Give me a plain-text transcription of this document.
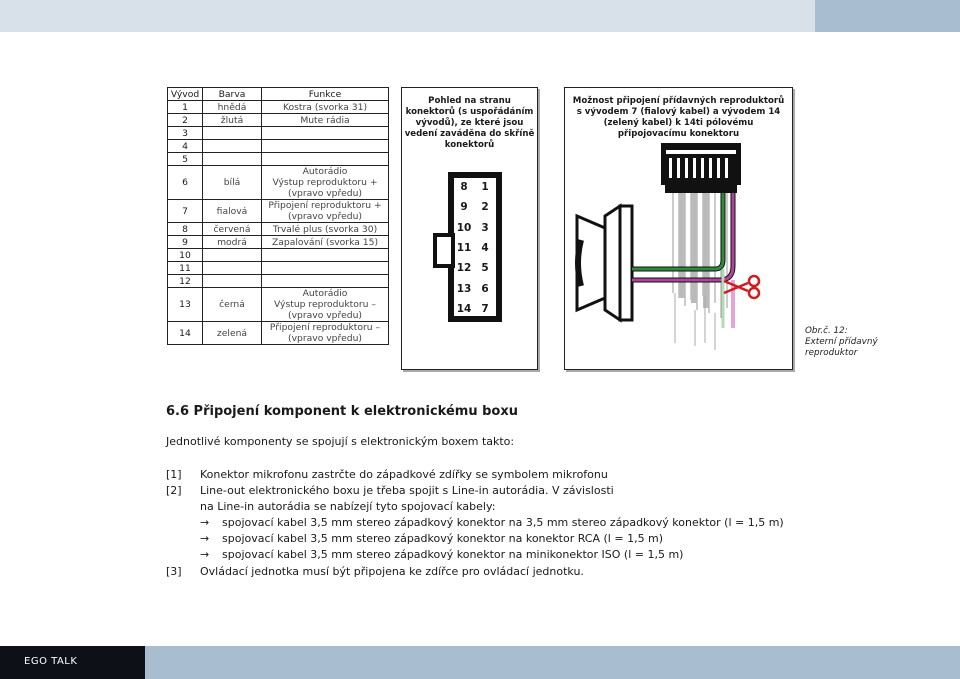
Vývod	Barva	Funkce
1	hnědá	Kostra (svorka 31)
2	žlutá	Mute rádia
3		
4		
5		
6	bílá	Autorádio
Výstup reproduktoru +
(vpravo vpředu)

7	fialová	Připojení reproduktoru +
(vpravo vpředu)

8	červená	Trvalé plus (svorka 30)
9	modrá	Zapalování (svorka 15)
10		
11		
12		
13	černá	Autorádio
Výstup reproduktoru –
(vpravo vpředu)

14	zelená	Připojení reproduktoru –
(vpravo vpředu)
Pohled na stranu konektorů (s uspořádáním vývodů), ze které jsou vedení zaváděna do skříně konektorů
8
9
10
11
12
13
14
1
2
3
4
5
6
7
Možnost připojení přídavných reproduktorů s vývodem 7 (fialový kabel) a vývodem 14 (zelený kabel) k 14ti pólovému připojovacímu konektoru
Obr.č. 12:
Externí přídavný
reproduktor
6.6 Připojení komponent k elektronickému boxu
Jednotlivé komponenty se spojují s elektronickým boxem takto:
[1] Konektor mikrofonu zastrčte do západkové zdířky se symbolem mikrofonu
[2] Line-out elektronického boxu je třeba spojit s Line-in autorádia. V závislosti
na Line-in autorádia se nabízejí tyto spojovací kabely:
→ spojovací kabel 3,5 mm stereo západkový konektor na 3,5 mm stereo západkový konektor (l = 1,5 m)
→ spojovací kabel 3,5 mm stereo západkový konektor na konektor RCA (l = 1,5 m)
→ spojovací kabel 3,5 mm stereo západkový konektor na minikonektor ISO (l = 1,5 m)
[3] Ovládací jednotka musí být připojena ke zdířce pro ovládací jednotku.
EGO TALK
